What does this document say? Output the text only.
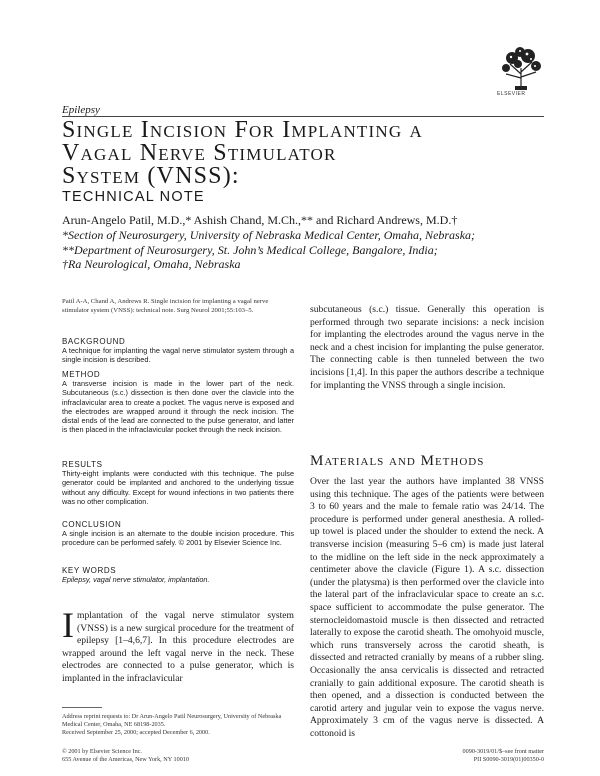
ELSEVIER
Epilepsy
Single Incision For Implanting a
Vagal Nerve Stimulator
System (VNSS):
TECHNICAL NOTE
Arun-Angelo Patil, M.D.,* Ashish Chand, M.Ch.,** and Richard Andrews, M.D.†
*Section of Neurosurgery, University of Nebraska Medical Center, Omaha, Nebraska;
**Department of Neurosurgery, St. John’s Medical College, Bangalore, India;
†Ra Neurological, Omaha, Nebraska
Patil A-A, Chand A, Andrews R. Single incision for implanting a vagal nerve stimulator system (VNSS): technical note. Surg Neurol 2001;55:103–5.

BACKGROUND

A technique for implanting the vagal nerve stimulator system through a single incision is described.

METHOD

A transverse incision is made in the lower part of the neck. Subcutaneous (s.c.) dissection is then done over the clavicle into the infraclavicular area to create a pocket. The vagus nerve is exposed and the electrodes are wrapped around it through the neck incision. The distal ends of the lead are connected to the pulse generator, and latter is then placed in the infraclavicular pocket through the neck incision.

RESULTS

Thirty-eight implants were conducted with this technique. The pulse generator could be implanted and anchored to the underlying tissue without any difficulty. Except for wound infections in two patients there was no other complication.

CONCLUSION

A single incision is an alternate to the double incision procedure. This procedure can be performed safely. © 2001 by Elsevier Science Inc.

KEY WORDS

Epilepsy, vagal nerve stimulator, implantation.

Implantation of the vagal nerve stimulator system (VNSS) is a new surgical procedure for the treatment of epilepsy [1–4,6,7]. In this procedure electrodes are wrapped around the left vagal nerve in the neck. These electrodes are connected to a pulse generator, which is implanted in the infraclavicular
Address reprint requests to: Dr Arun-Angelo Patil Neurosurgery, University of Nebraska Medical Center, Omaha, NE 68198-2035.
Received September 25, 2000; accepted December 6, 2000.
© 2001 by Elsevier Science Inc.
655 Avenue of the Americas, New York, NY 10010
0090-3019/01/$–see front matter
PII S0090-3019(01)00350-0
subcutaneous (s.c.) tissue. Generally this operation is performed through two separate incisions: a neck incision for implanting the electrodes around the vagus nerve in the neck and a chest incision for implanting the pulse generator. The connecting cable is then tunneled between the two incisions [1,4]. In this paper the authors describe a technique for implanting the VNSS through a single incision.
Materials and Methods
Over the last year the authors have implanted 38 VNSS using this technique. The ages of the patients were between 3 to 60 years and the male to female ratio was 24/14. The procedure is performed under general anesthesia. A rolled-up towel is placed under the shoulder to extend the neck. A transverse incision (measuring 5–6 cm) is made just lateral to the midline on the left side in the neck approximately a centimeter above the clavicle (Figure 1). A s.c. dissection (under the platysma) is then performed over the clavicle into the lateral part of the infraclavicular space to create an s.c. space sufficient to accommodate the pulse generator. The sternocleidomastoid muscle is then dissected and retracted laterally to expose the carotid sheath. The omohyoid muscle, which runs transversely across the carotid sheath, is dissected and retracted cranially by means of a rubber sling. Occasionally the ansa cervicalis is dissected and retracted cranially to gain additional exposure. The carotid sheath is then opened, and a dissection is conducted between the carotid artery and jugular vein to expose the vagus nerve. Approximately 3 cm of the vagus nerve is dissected. A cottonoid is
